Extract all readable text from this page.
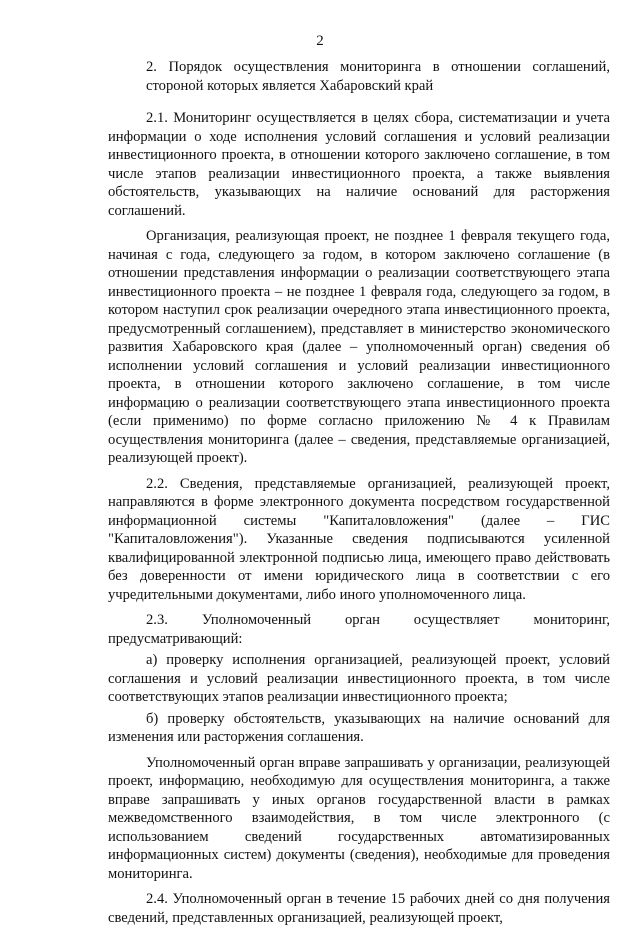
2

2. Порядок осуществления мониторинга в отношении соглашений, стороной которых является Хабаровский край

2.1. Мониторинг осуществляется в целях сбора, систематизации и учета информации о ходе исполнения условий соглашения и условий реализации инвестиционного проекта, в отношении которого заключено соглашение, в том числе этапов реализации инвестиционного проекта, а также выявления обстоятельств, указывающих на наличие оснований для расторжения соглашений.

Организация, реализующая проект, не позднее 1 февраля текущего года, начиная с года, следующего за годом, в котором заключено соглашение (в отношении представления информации о реализации соответствующего этапа инвестиционного проекта – не позднее 1 февраля года, следующего за годом, в котором наступил срок реализации очередного этапа инвестиционного проекта, предусмотренный соглашением), представляет в министерство экономического развития Хабаровского края (далее – уполномоченный орган) сведения об исполнении условий соглашения и условий реализации инвестиционного проекта, в отношении которого заключено соглашение, в том числе информацию о реализации соответствующего этапа инвестиционного проекта (если применимо) по форме согласно приложению № 4 к Правилам осуществления мониторинга (далее – сведения, представляемые организацией, реализующей проект).

2.2. Сведения, представляемые организацией, реализующей проект, направляются в форме электронного документа посредством государственной информационной системы "Капиталовложения" (далее – ГИС "Капиталовложения"). Указанные сведения подписываются усиленной квалифицированной электронной подписью лица, имеющего право действовать без доверенности от имени юридического лица в соответствии с его учредительными документами, либо иного уполномоченного лица.

2.3. Уполномоченный орган осуществляет мониторинг, предусматривающий:

а) проверку исполнения организацией, реализующей проект, условий соглашения и условий реализации инвестиционного проекта, в том числе соответствующих этапов реализации инвестиционного проекта;

б) проверку обстоятельств, указывающих на наличие оснований для изменения или расторжения соглашения.

Уполномоченный орган вправе запрашивать у организации, реализующей проект, информацию, необходимую для осуществления мониторинга, а также вправе запрашивать у иных органов государственной власти в рамках межведомственного взаимодействия, в том числе электронного (с использованием сведений государственных автоматизированных информационных систем) документы (сведения), необходимые для проведения мониторинга.

2.4. Уполномоченный орган в течение 15 рабочих дней со дня получения сведений, представленных организацией, реализующей проект,
